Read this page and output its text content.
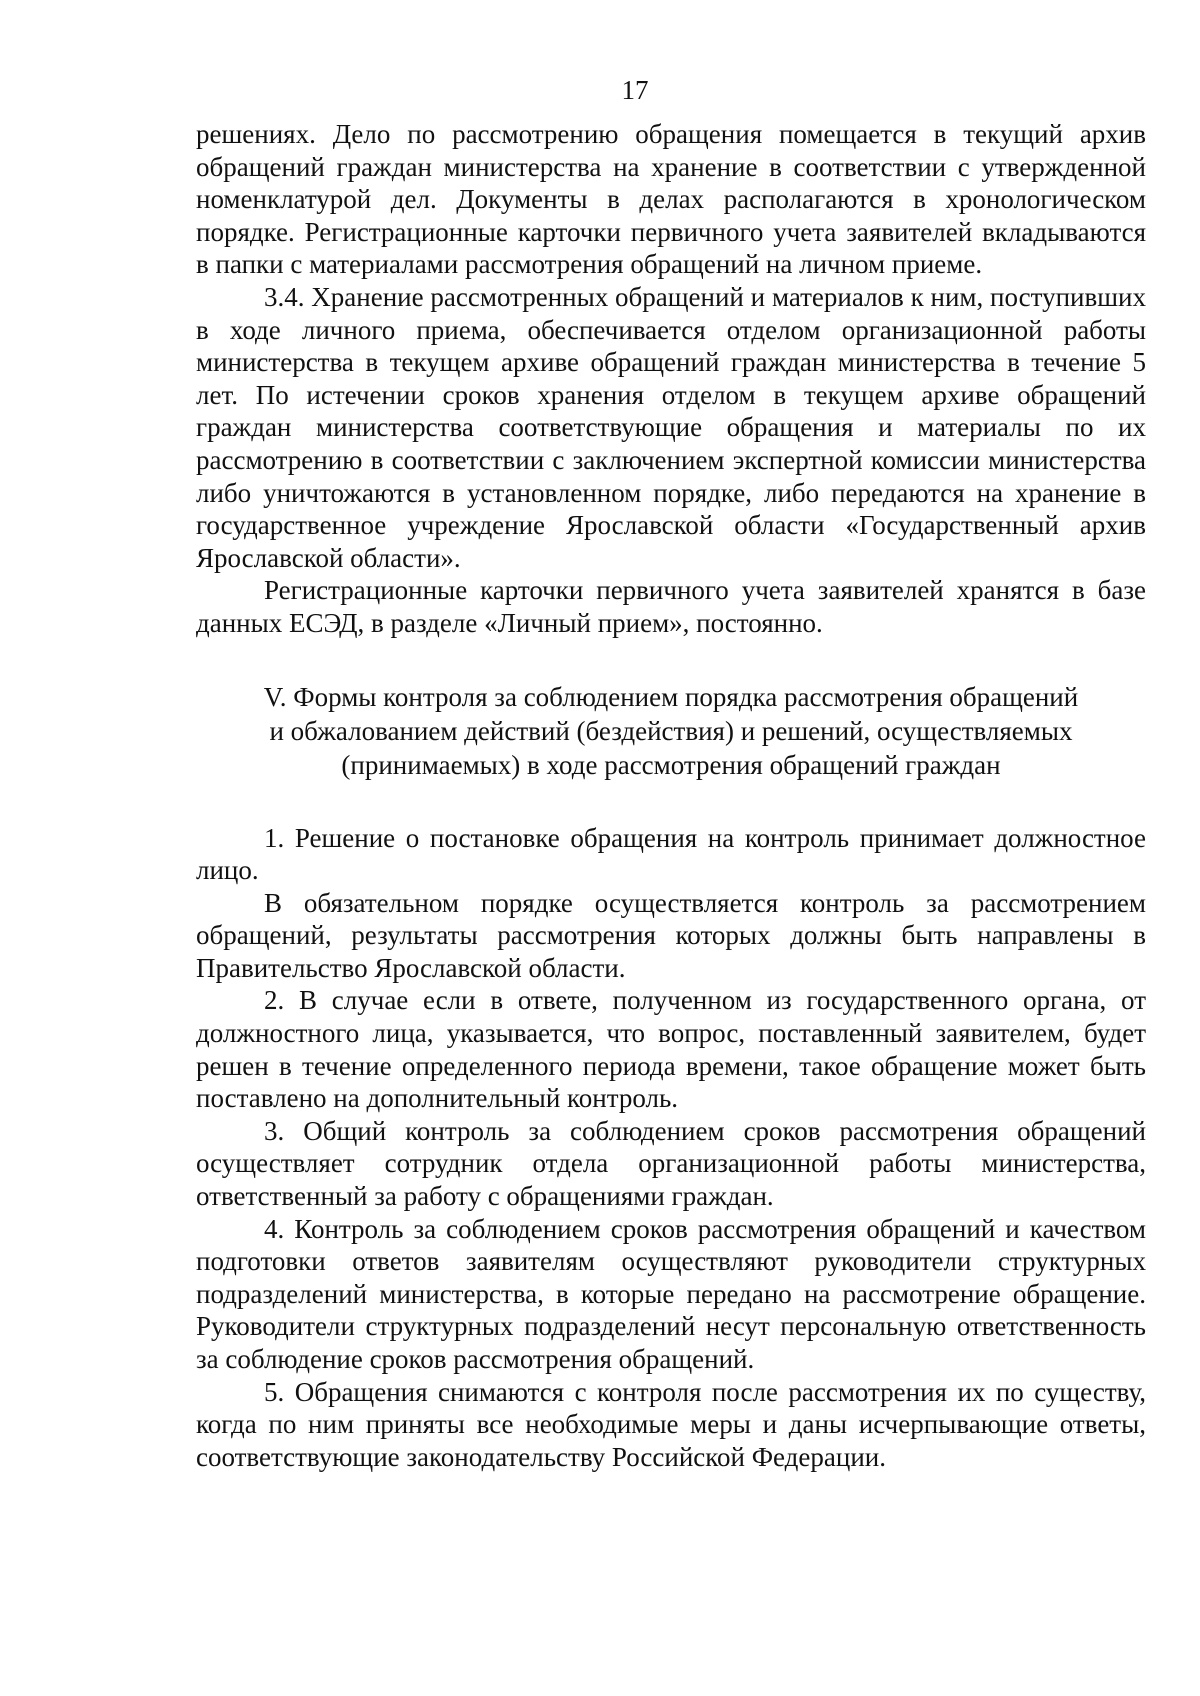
17

решениях. Дело по рассмотрению обращения помещается в текущий архив обращений граждан министерства на хранение в соответствии с утвержденной номенклатурой дел. Документы в делах располагаются в хронологическом порядке. Регистрационные карточки первичного учета заявителей вкладываются в папки с материалами рассмотрения обращений на личном приеме.

3.4. Хранение рассмотренных обращений и материалов к ним, поступивших в ходе личного приема, обеспечивается отделом организационной работы министерства в текущем архиве обращений граждан министерства в течение 5 лет. По истечении сроков хранения отделом в текущем архиве обращений граждан министерства соответствующие обращения и материалы по их рассмотрению в соответствии с заключением экспертной комиссии министерства либо уничтожаются в установленном порядке, либо передаются на хранение в государственное учреждение Ярославской области «Государственный архив Ярославской области».

Регистрационные карточки первичного учета заявителей хранятся в базе данных ЕСЭД, в разделе «Личный прием», постоянно.

V. Формы контроля за соблюдением порядка рассмотрения обращений
и обжалованием действий (бездействия) и решений, осуществляемых
(принимаемых) в ходе рассмотрения обращений граждан

1. Решение о постановке обращения на контроль принимает должностное лицо.

В обязательном порядке осуществляется контроль за рассмотрением обращений, результаты рассмотрения которых должны быть направлены в Правительство Ярославской области.

2. В случае если в ответе, полученном из государственного органа, от должностного лица, указывается, что вопрос, поставленный заявителем, будет решен в течение определенного периода времени, такое обращение может быть поставлено на дополнительный контроль.

3. Общий контроль за соблюдением сроков рассмотрения обращений осуществляет сотрудник отдела организационной работы министерства, ответственный за работу с обращениями граждан.

4. Контроль за соблюдением сроков рассмотрения обращений и качеством подготовки ответов заявителям осуществляют руководители структурных подразделений министерства, в которые передано на рассмотрение обращение. Руководители структурных подразделений несут персональную ответственность за соблюдение сроков рассмотрения обращений.

5. Обращения снимаются с контроля после рассмотрения их по существу, когда по ним приняты все необходимые меры и даны исчерпывающие ответы, соответствующие законодательству Российской Федерации.
